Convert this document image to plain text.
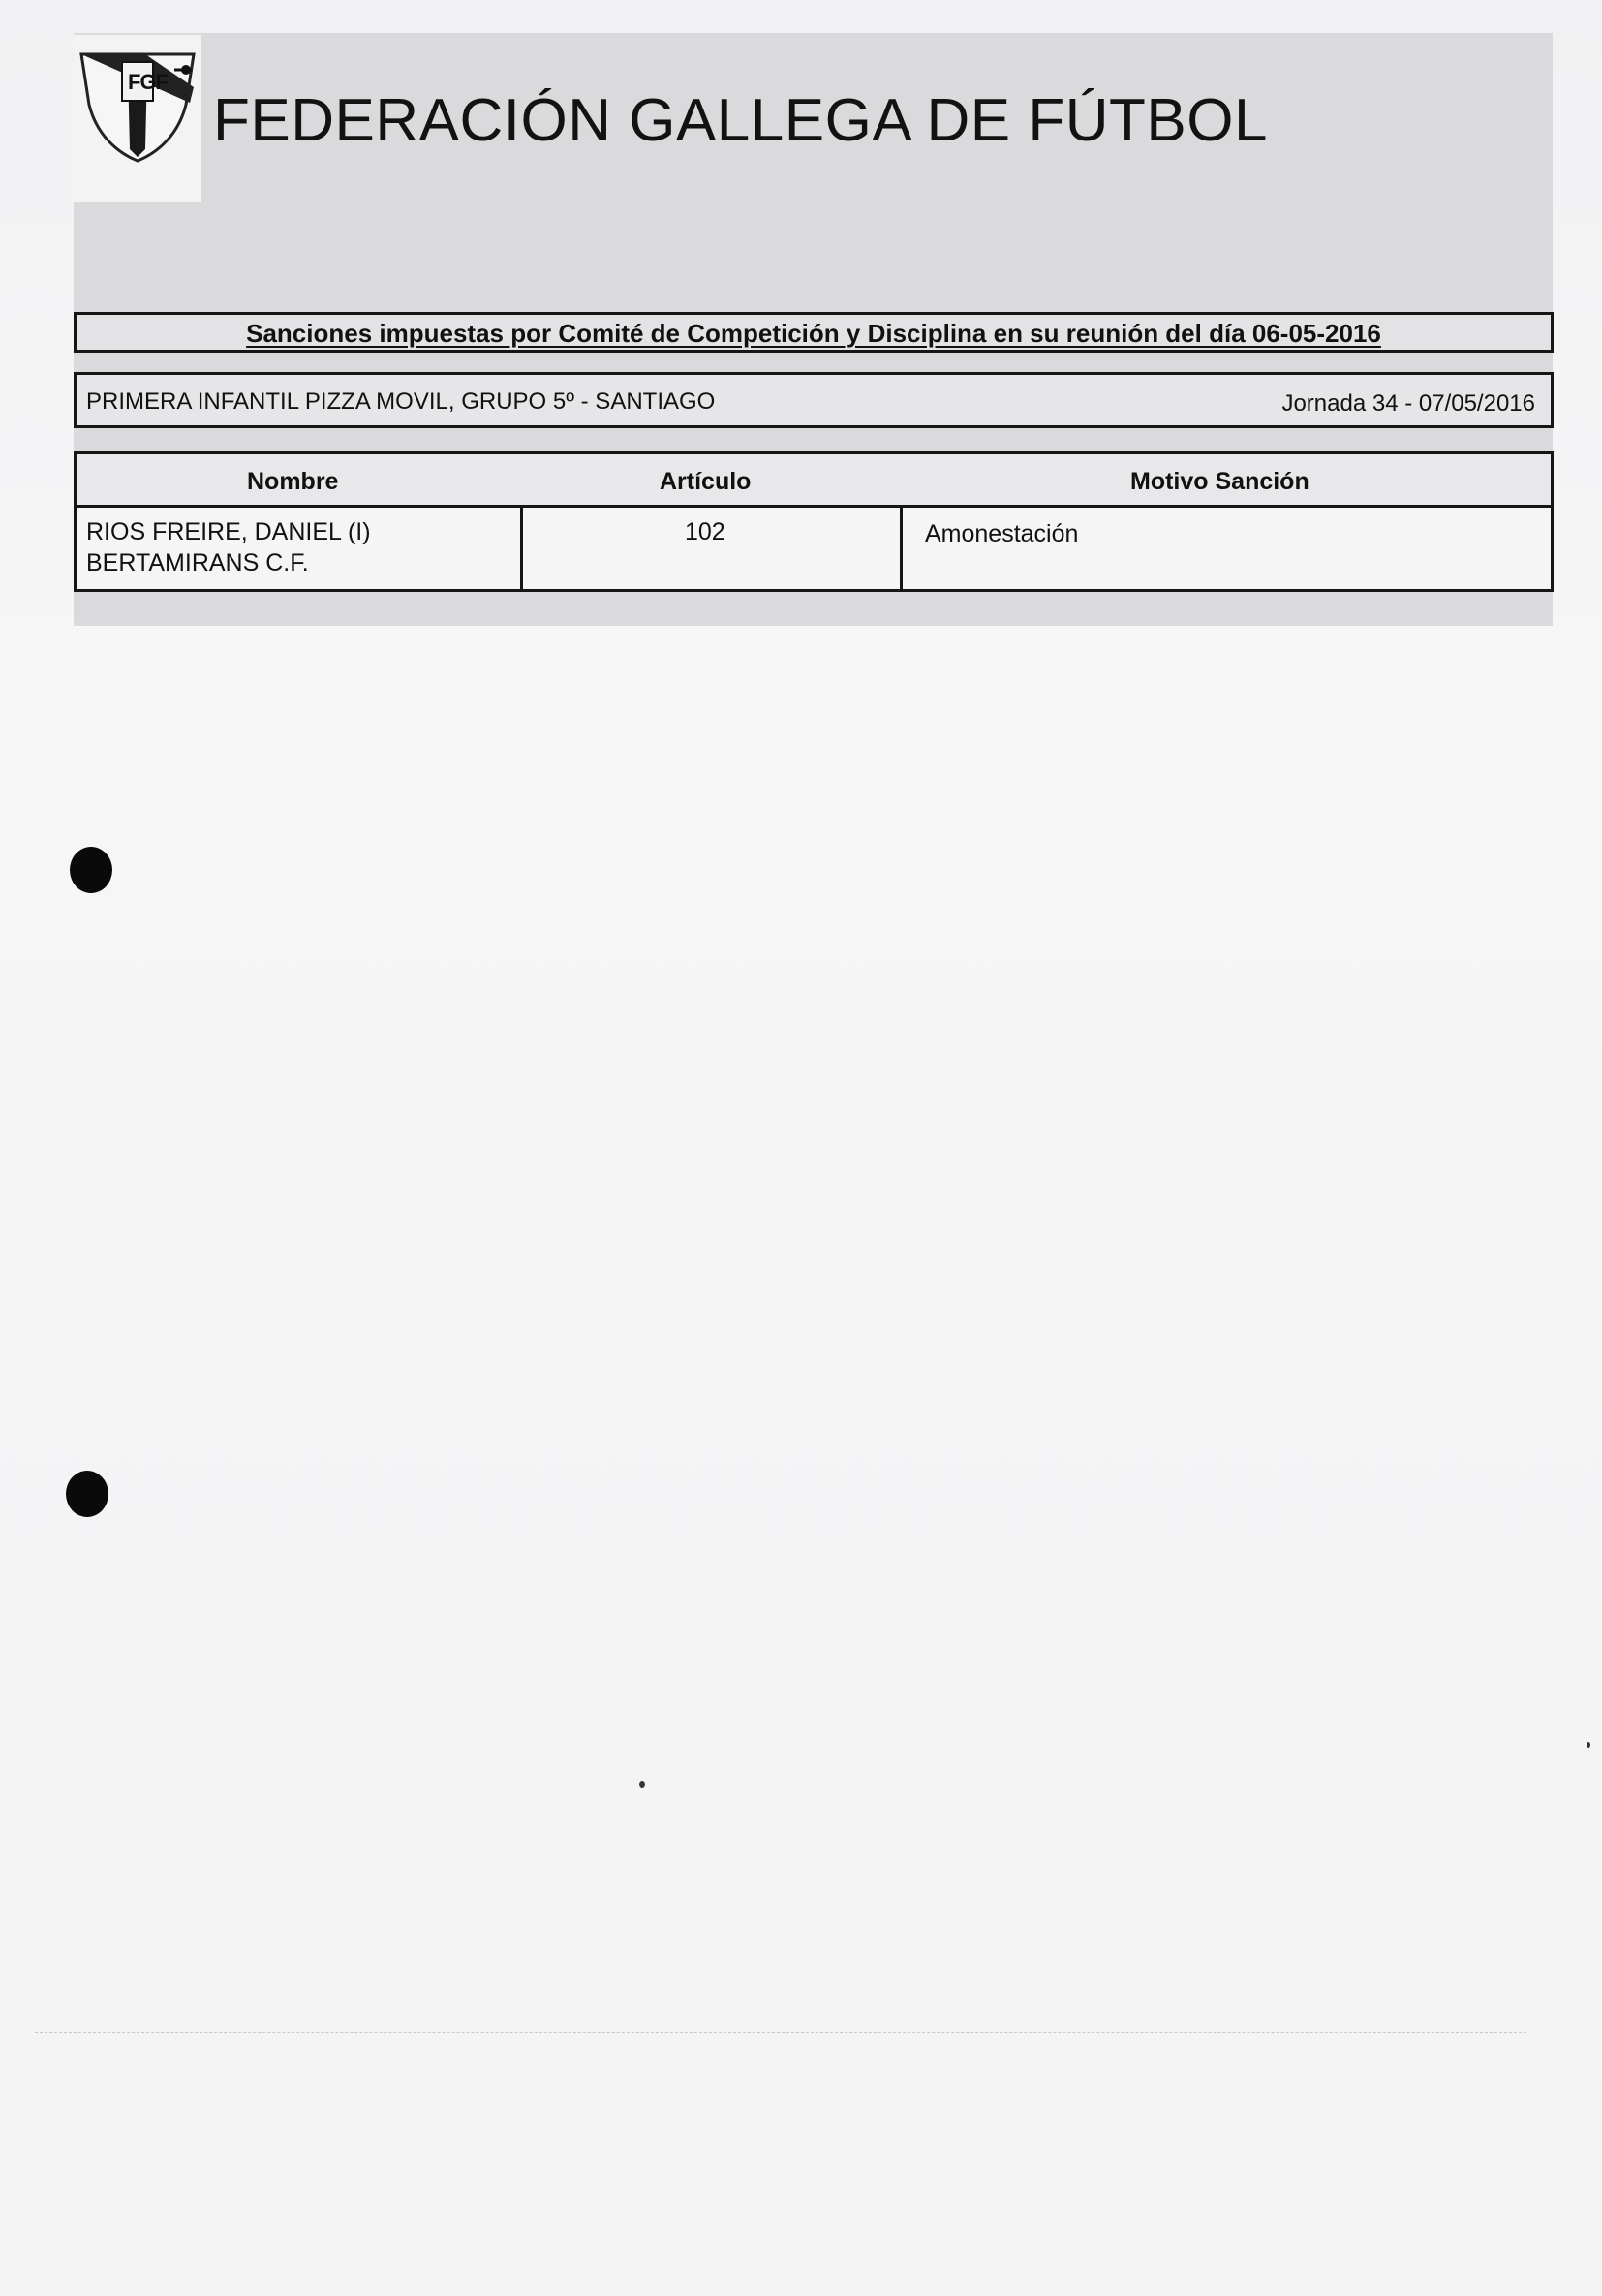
FGF
FEDERACIÓN GALLEGA DE FÚTBOL
Sanciones impuestas por Comité de Competición y Disciplina en su reunión del día 06-05-2016
PRIMERA INFANTIL PIZZA MOVIL, GRUPO 5º - SANTIAGO	Jornada 34 - 07/05/2016
Nombre	Artículo	Motivo Sanción
RIOS FREIRE, DANIEL (I)
BERTAMIRANS C.F.
102	Amonestación
